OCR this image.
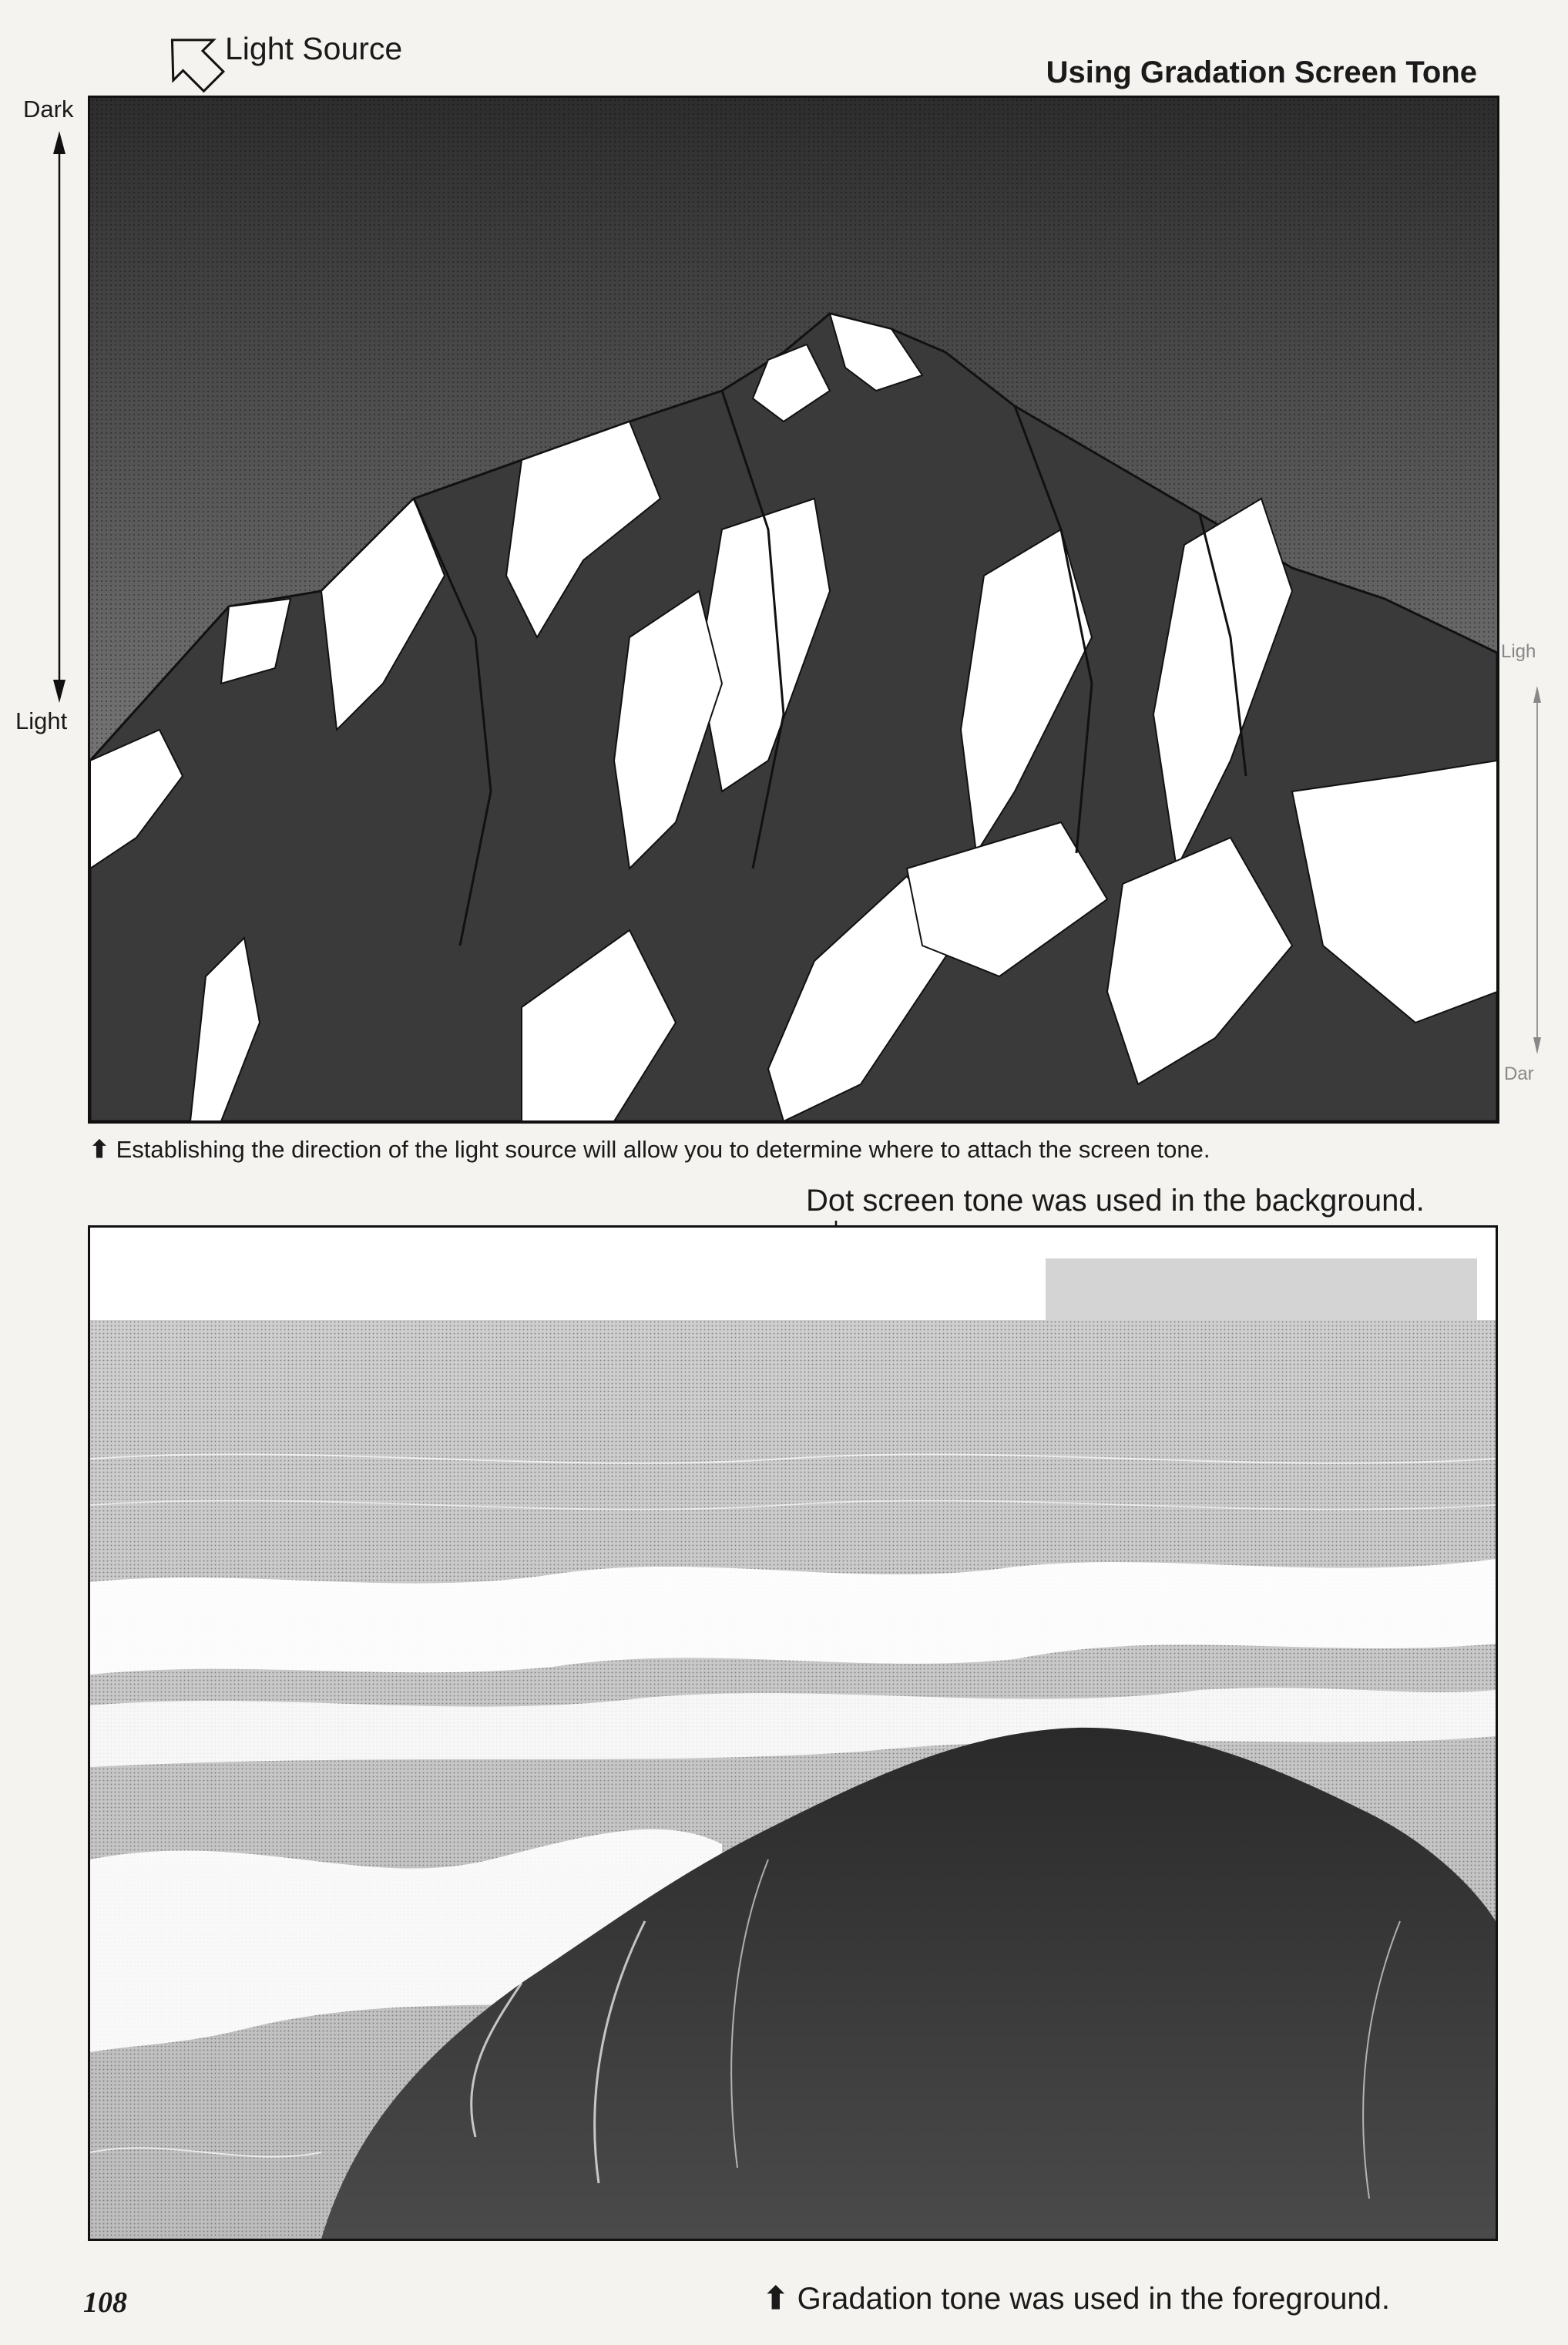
Light Source
Using Gradation Screen Tone
Dark
Light
Ligh
Dar
⬆ Establishing the direction of the light source will allow you to determine where to attach the screen tone.
Dot screen tone was used in the background.
108	⬆ Gradation tone was used in the foreground.
